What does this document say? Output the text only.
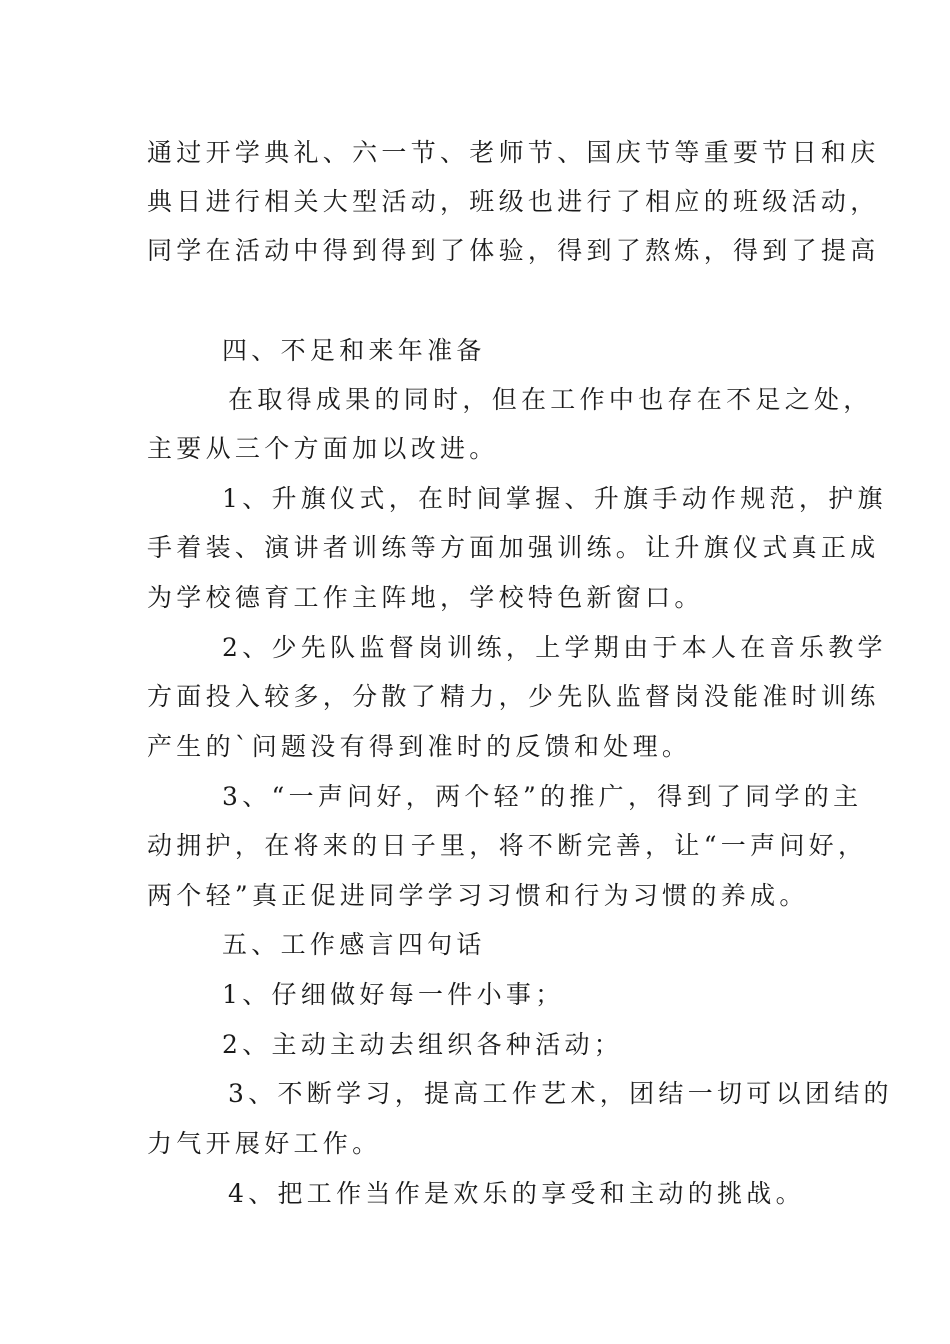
通过开学典礼、六一节、老师节、国庆节等重要节日和庆
典日进行相关大型活动，班级也进行了相应的班级活动，
同学在活动中得到得到了体验，得到了熬炼，得到了提高
四、不足和来年准备
在取得成果的同时，但在工作中也存在不足之处，
主要从三个方面加以改进。
1、升旗仪式，在时间掌握、升旗手动作规范，护旗
手着装、演讲者训练等方面加强训练。让升旗仪式真正成
为学校德育工作主阵地，学校特色新窗口。
2、少先队监督岗训练，上学期由于本人在音乐教学
方面投入较多，分散了精力，少先队监督岗没能准时训练
产生的`问题没有得到准时的反馈和处理。
3、“一声问好，两个轻”的推广，得到了同学的主
动拥护，在将来的日子里，将不断完善，让“一声问好，
两个轻”真正促进同学学习习惯和行为习惯的养成。
五、工作感言四句话
1、仔细做好每一件小事；
2、主动主动去组织各种活动；
3、不断学习，提高工作艺术，团结一切可以团结的
力气开展好工作。
4、把工作当作是欢乐的享受和主动的挑战。
